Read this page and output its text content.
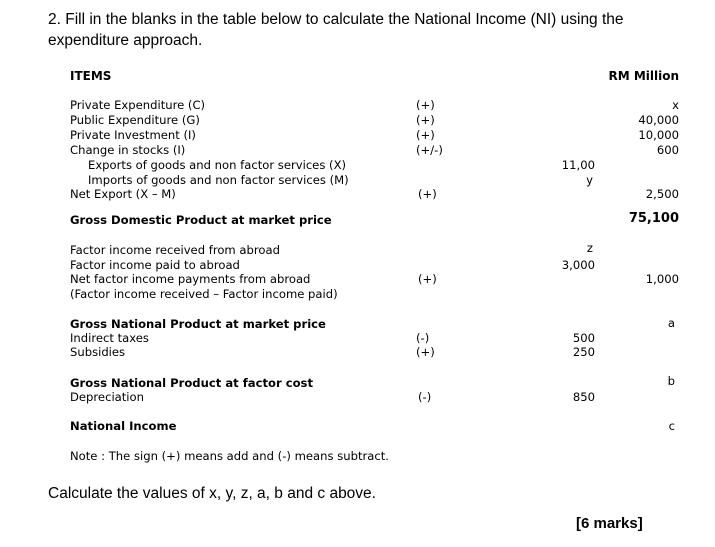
2. Fill in the blanks in the table below to calculate the National Income (NI) using the expenditure approach.
ITEMS	RM Million
Private Expenditure (C)	(+)	x
Public Expenditure (G)	(+)	40,000
Private Investment (I)	(+)	10,000
Change in stocks (I)	(+/-)	600
Exports of goods and non factor services (X)	11,00
Imports of goods and non factor services (M)	y
Net Export (X – M)	(+)	2,500
Gross Domestic Product at market price	75,100
Factor income received from abroad	z
Factor income paid to abroad	3,000
Net factor income payments from abroad	(+)	1,000
(Factor income received – Factor income paid)
Gross National Product at market price	a
Indirect taxes	(-)	500
Subsidies	(+)	250
Gross National Product at factor cost	b
Depreciation	(-)	850
National Income	c
Note : The sign (+) means add and (-) means subtract.
Calculate the values of x, y, z, a, b and c above.
[6 marks]
